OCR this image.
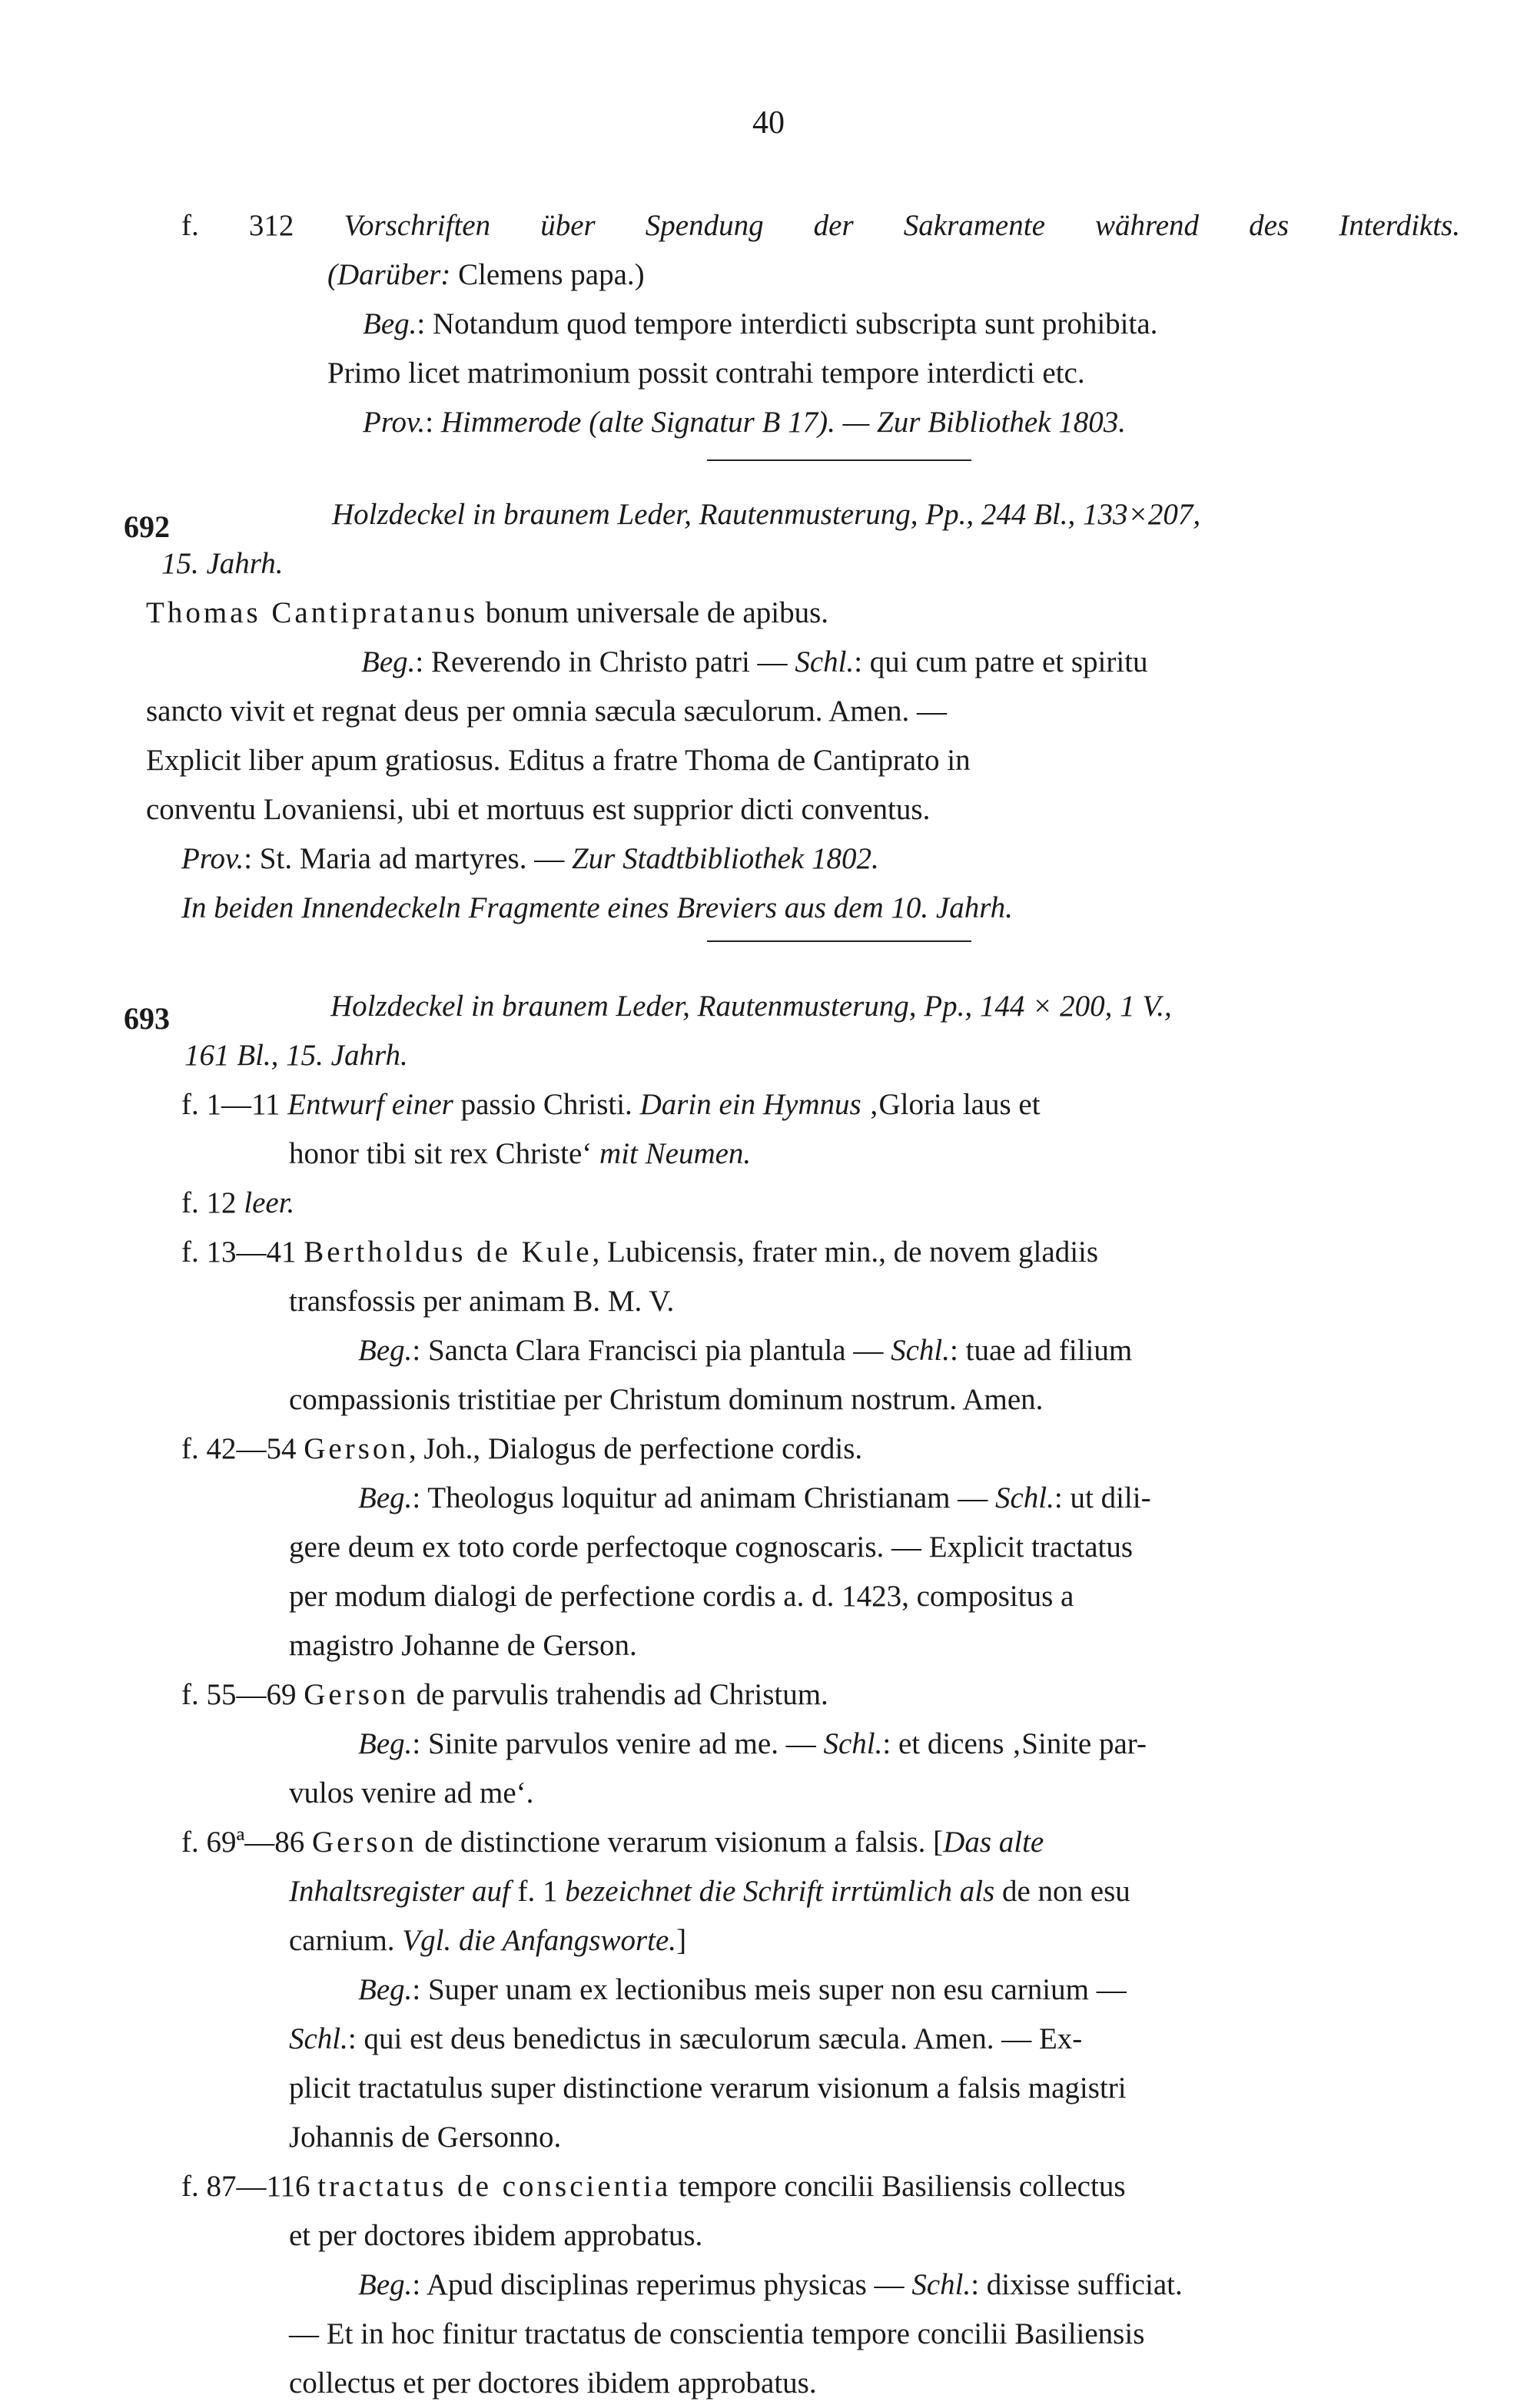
40
f. 312 Vorschriften über Spendung der Sakramente während des Interdikts.
(Darüber: Clemens papa.)
Beg.: Notandum quod tempore interdicti subscripta sunt prohibita.
Primo licet matrimonium possit contrahi tempore interdicti etc.
Prov.: Himmerode (alte Signatur B 17). — Zur Bibliothek 1803.
692	Holzdeckel in braunem Leder, Rautenmusterung, Pp., 244 Bl., 133×207,
15. Jahrh.
Thomas Cantipratanus bonum universale de apibus.
Beg.: Reverendo in Christo patri — Schl.: qui cum patre et spiritu
sancto vivit et regnat deus per omnia sæcula sæculorum. Amen. —
Explicit liber apum gratiosus. Editus a fratre Thoma de Cantiprato in
conventu Lovaniensi, ubi et mortuus est supprior dicti conventus.
Prov.: St. Maria ad martyres. — Zur Stadtbibliothek 1802.
In beiden Innendeckeln Fragmente eines Breviers aus dem 10. Jahrh.
693	Holzdeckel in braunem Leder, Rautenmusterung, Pp., 144 × 200, 1 V.,
161 Bl., 15. Jahrh.
f. 1—11 Entwurf einer passio Christi. Darin ein Hymnus ‚Gloria laus et
honor tibi sit rex Christe‘ mit Neumen.
f. 12 leer.
f. 13—41 Bertholdus de Kule, Lubicensis, frater min., de novem gladiis
transfossis per animam B. M. V.
Beg.: Sancta Clara Francisci pia plantula — Schl.: tuae ad filium
compassionis tristitiae per Christum dominum nostrum. Amen.
f. 42—54 Gerson, Joh., Dialogus de perfectione cordis.
Beg.: Theologus loquitur ad animam Christianam — Schl.: ut dili-
gere deum ex toto corde perfectoque cognoscaris. — Explicit tractatus
per modum dialogi de perfectione cordis a. d. 1423, compositus a
magistro Johanne de Gerson.
f. 55—69 Gerson de parvulis trahendis ad Christum.
Beg.: Sinite parvulos venire ad me. — Schl.: et dicens ‚Sinite par-
vulos venire ad me‘.
f. 69ª—86 Gerson de distinctione verarum visionum a falsis. [Das alte
Inhaltsregister auf f. 1 bezeichnet die Schrift irrtümlich als de non esu
carnium. Vgl. die Anfangsworte.]
Beg.: Super unam ex lectionibus meis super non esu carnium —
Schl.: qui est deus benedictus in sæculorum sæcula. Amen. — Ex-
plicit tractatulus super distinctione verarum visionum a falsis magistri
Johannis de Gersonno.
f. 87—116 tractatus de conscientia tempore concilii Basiliensis collectus
et per doctores ibidem approbatus.
Beg.: Apud disciplinas reperimus physicas — Schl.: dixisse sufficiat.
— Et in hoc finitur tractatus de conscientia tempore concilii Basiliensis
collectus et per doctores ibidem approbatus.
